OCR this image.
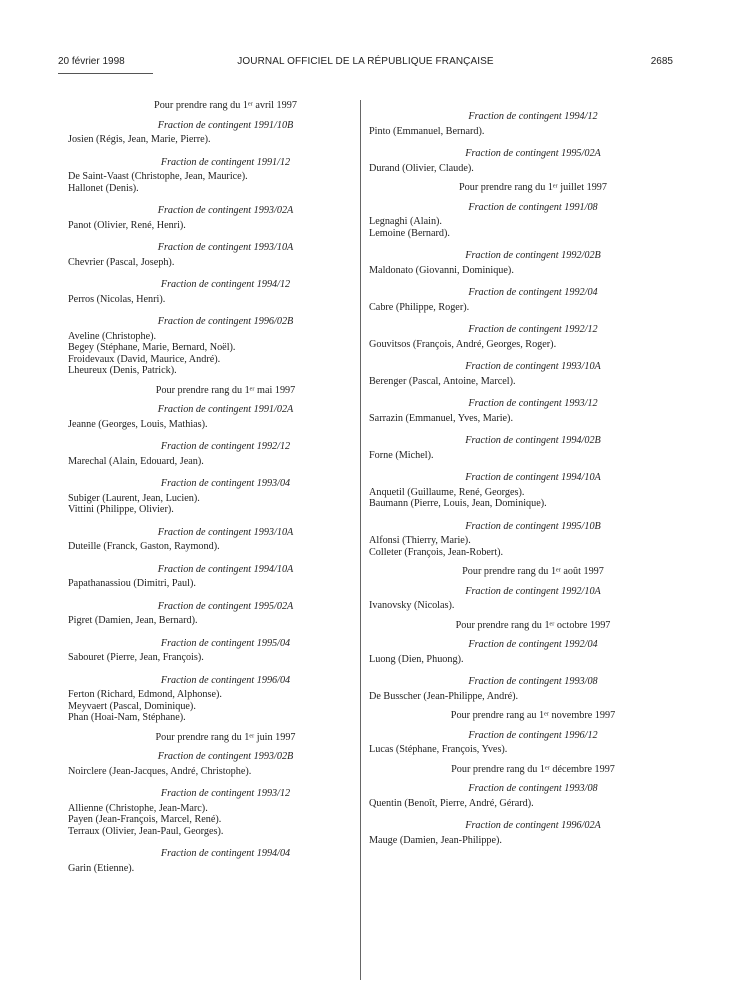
20 février 1998	JOURNAL OFFICIEL DE LA RÉPUBLIQUE FRANÇAISE	2685
Pour prendre rang du 1ᵉʳ avril 1997
Fraction de contingent 1991/10B
Josien (Régis, Jean, Marie, Pierre).
Fraction de contingent 1991/12
De Saint-Vaast (Christophe, Jean, Maurice).
Hallonet (Denis).
Fraction de contingent 1993/02A
Panot (Olivier, René, Henri).
Fraction de contingent 1993/10A
Chevrier (Pascal, Joseph).
Fraction de contingent 1994/12
Perros (Nicolas, Henri).
Fraction de contingent 1996/02B
Aveline (Christophe).
Begey (Stéphane, Marie, Bernard, Noël).
Froidevaux (David, Maurice, André).
Lheureux (Denis, Patrick).
Pour prendre rang du 1ᵉʳ mai 1997
Fraction de contingent 1991/02A
Jeanne (Georges, Louis, Mathias).
Fraction de contingent 1992/12
Marechal (Alain, Edouard, Jean).
Fraction de contingent 1993/04
Subiger (Laurent, Jean, Lucien).
Vittini (Philippe, Olivier).
Fraction de contingent 1993/10A
Duteille (Franck, Gaston, Raymond).
Fraction de contingent 1994/10A
Papathanassiou (Dimitri, Paul).
Fraction de contingent 1995/02A
Pigret (Damien, Jean, Bernard).
Fraction de contingent 1995/04
Sabouret (Pierre, Jean, François).
Fraction de contingent 1996/04
Ferton (Richard, Edmond, Alphonse).
Meyvaert (Pascal, Dominique).
Phan (Hoai-Nam, Stéphane).
Pour prendre rang du 1ᵉʳ juin 1997
Fraction de contingent 1993/02B
Noirclere (Jean-Jacques, André, Christophe).
Fraction de contingent 1993/12
Allienne (Christophe, Jean-Marc).
Payen (Jean-François, Marcel, René).
Terraux (Olivier, Jean-Paul, Georges).
Fraction de contingent 1994/04
Garin (Etienne).
Fraction de contingent 1994/12
Pinto (Emmanuel, Bernard).
Fraction de contingent 1995/02A
Durand (Olivier, Claude).
Pour prendre rang du 1ᵉʳ juillet 1997
Fraction de contingent 1991/08
Legnaghi (Alain).
Lemoine (Bernard).
Fraction de contingent 1992/02B
Maldonato (Giovanni, Dominique).
Fraction de contingent 1992/04
Cabre (Philippe, Roger).
Fraction de contingent 1992/12
Gouvitsos (François, André, Georges, Roger).
Fraction de contingent 1993/10A
Berenger (Pascal, Antoine, Marcel).
Fraction de contingent 1993/12
Sarrazin (Emmanuel, Yves, Marie).
Fraction de contingent 1994/02B
Forne (Michel).
Fraction de contingent 1994/10A
Anquetil (Guillaume, René, Georges).
Baumann (Pierre, Louis, Jean, Dominique).
Fraction de contingent 1995/10B
Alfonsi (Thierry, Marie).
Colleter (François, Jean-Robert).
Pour prendre rang du 1ᵉʳ août 1997
Fraction de contingent 1992/10A
Ivanovsky (Nicolas).
Pour prendre rang du 1ᵉʳ octobre 1997
Fraction de contingent 1992/04
Luong (Dien, Phuong).
Fraction de contingent 1993/08
De Busscher (Jean-Philippe, André).
Pour prendre rang au 1ᵉʳ novembre 1997
Fraction de contingent 1996/12
Lucas (Stéphane, François, Yves).
Pour prendre rang du 1ᵉʳ décembre 1997
Fraction de contingent 1993/08
Quentin (Benoît, Pierre, André, Gérard).
Fraction de contingent 1996/02A
Mauge (Damien, Jean-Philippe).
